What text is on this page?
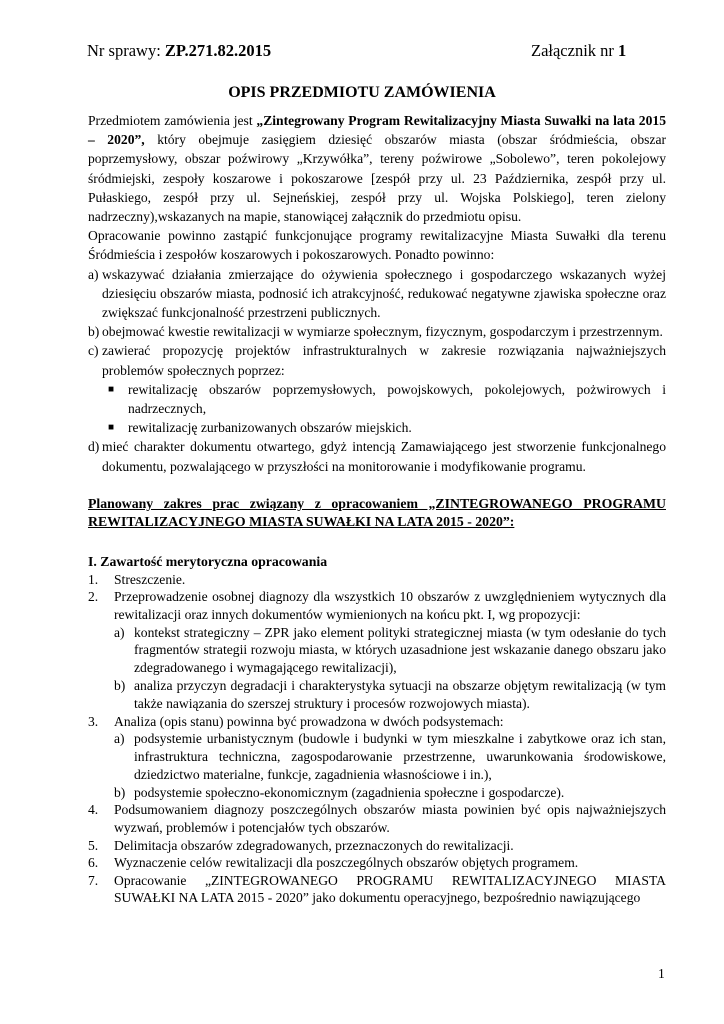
Nr sprawy: ZP.271.82.2015	Załącznik nr 1
OPIS PRZEDMIOTU ZAMÓWIENIA

Przedmiotem zamówienia jest „Zintegrowany Program Rewitalizacyjny Miasta Suwałki na lata 2015 – 2020”, który obejmuje zasięgiem dziesięć obszarów miasta (obszar śródmieścia, obszar poprzemysłowy, obszar poźwirowy „Krzywółka”, tereny poźwirowe „Sobolewo”, teren pokolejowy śródmiejski, zespoły koszarowe i pokoszarowe [zespół przy ul. 23 Października, zespół przy ul. Pułaskiego, zespół przy ul. Sejneńskiej, zespół przy ul. Wojska Polskiego], teren zielony nadrzeczny),wskazanych na mapie, stanowiącej załącznik do przedmiotu opisu.

Opracowanie powinno zastąpić funkcjonujące programy rewitalizacyjne Miasta Suwałki dla terenu Śródmieścia i zespołów koszarowych i pokoszarowych. Ponadto powinno:

a) wskazywać działania zmierzające do ożywienia społecznego i gospodarczego wskazanych wyżej dziesięciu obszarów miasta, podnosić ich atrakcyjność, redukować negatywne zjawiska społeczne oraz zwiększać funkcjonalność przestrzeni publicznych.
b) obejmować kwestie rewitalizacji w wymiarze społecznym, fizycznym, gospodarczym i przestrzennym.
c) zawierać propozycję projektów infrastrukturalnych w zakresie rozwiązania najważniejszych problemów społecznych poprzez:
■	rewitalizację obszarów poprzemysłowych, powojskowych, pokolejowych, pożwirowych i nadrzecznych,
■	rewitalizację zurbanizowanych obszarów miejskich.
d) mieć charakter dokumentu otwartego, gdyż intencją Zamawiającego jest stworzenie funkcjonalnego dokumentu, pozwalającego w przyszłości na monitorowanie i modyfikowanie programu.

Planowany zakres prac związany z opracowaniem „ZINTEGROWANEGO PROGRAMU REWITALIZACYJNEGO MIASTA SUWAŁKI NA LATA 2015 - 2020”:

I. Zawartość merytoryczna opracowania

1.	Streszczenie.
2.	Przeprowadzenie osobnej diagnozy dla wszystkich 10 obszarów z uwzględnieniem wytycznych dla rewitalizacji oraz innych dokumentów wymienionych na końcu pkt. I, wg propozycji:
a) kontekst strategiczny – ZPR jako element polityki strategicznej miasta (w tym odesłanie do tych fragmentów strategii rozwoju miasta, w których uzasadnione jest wskazanie danego obszaru jako zdegradowanego i wymagającego rewitalizacji),
b) analiza przyczyn degradacji i charakterystyka sytuacji na obszarze objętym rewitalizacją (w tym także nawiązania do szerszej struktury i procesów rozwojowych miasta).
3.	Analiza (opis stanu) powinna być prowadzona w dwóch podsystemach:
a) podsystemie urbanistycznym (budowle i budynki w tym mieszkalne i zabytkowe oraz ich stan, infrastruktura techniczna, zagospodarowanie przestrzenne, uwarunkowania środowiskowe, dziedzictwo materialne, funkcje, zagadnienia własnościowe i in.),
b) podsystemie społeczno-ekonomicznym (zagadnienia społeczne i gospodarcze).
4.	Podsumowaniem diagnozy poszczególnych obszarów miasta powinien być opis najważniejszych wyzwań, problemów i potencjałów tych obszarów.
5.	Delimitacja obszarów zdegradowanych, przeznaczonych do rewitalizacji.
6.	Wyznaczenie celów rewitalizacji dla poszczególnych obszarów objętych programem.
7.	Opracowanie „ZINTEGROWANEGO PROGRAMU REWITALIZACYJNEGO MIASTA SUWAŁKI NA LATA 2015 - 2020” jako dokumentu operacyjnego, bezpośrednio nawiązującego
1
